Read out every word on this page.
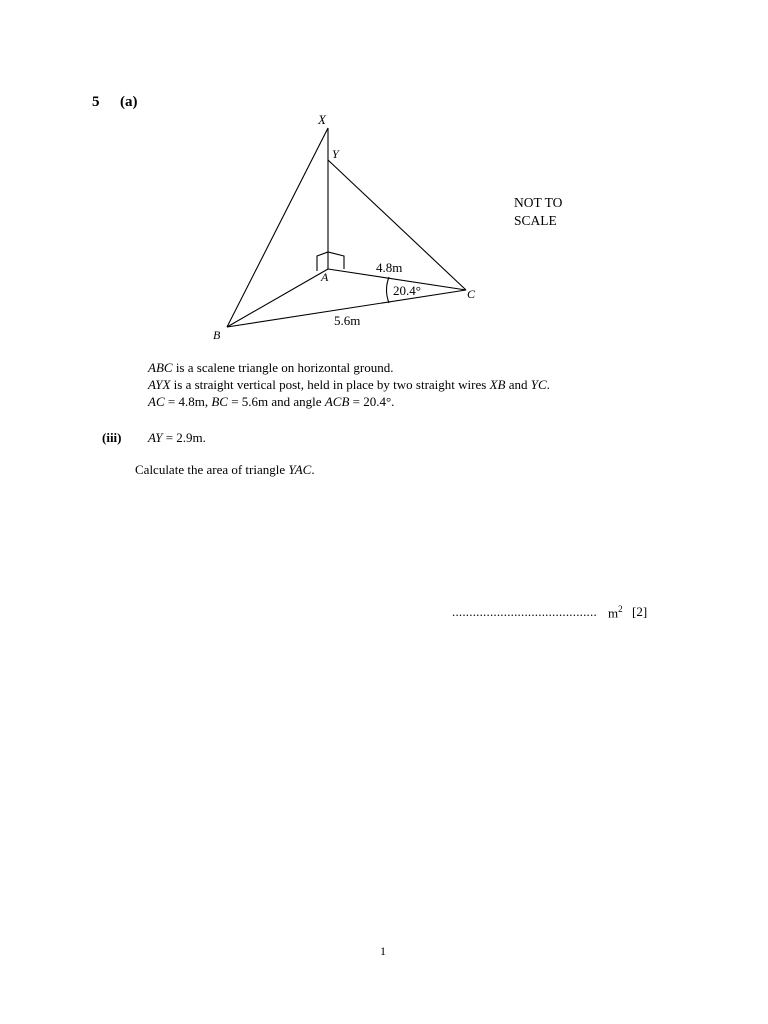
5 (a)
X
Y
A
B
C
4.8m
20.4°
5.6m
NOT TO
SCALE
ABC is a scalene triangle on horizontal ground.
AYX is a straight vertical post, held in place by two straight wires XB and YC.
AC = 4.8m, BC = 5.6m and angle ACB = 20.4°.
(iii) AY = 2.9m.
Calculate the area of triangle YAC.
.......................................... $m^2$ [2]
1
